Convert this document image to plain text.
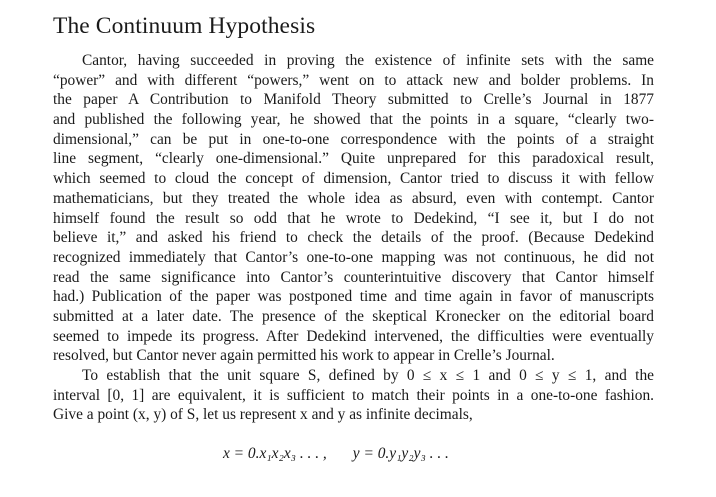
The Continuum Hypothesis
Cantor, having succeeded in proving the existence of infinite sets with the same
“power” and with different “powers,” went on to attack new and bolder problems. In
the paper A Contribution to Manifold Theory submitted to Crelle’s Journal in 1877
and published the following year, he showed that the points in a square, “clearly two-
dimensional,” can be put in one-to-one correspondence with the points of a straight
line segment, “clearly one-dimensional.” Quite unprepared for this paradoxical result,
which seemed to cloud the concept of dimension, Cantor tried to discuss it with fellow
mathematicians, but they treated the whole idea as absurd, even with contempt. Cantor
himself found the result so odd that he wrote to Dedekind, “I see it, but I do not
believe it,” and asked his friend to check the details of the proof. (Because Dedekind
recognized immediately that Cantor’s one-to-one mapping was not continuous, he did not
read the same significance into Cantor’s counterintuitive discovery that Cantor himself
had.) Publication of the paper was postponed time and time again in favor of manuscripts
submitted at a later date. The presence of the skeptical Kronecker on the editorial board
seemed to impede its progress. After Dedekind intervened, the difficulties were eventually
resolved, but Cantor never again permitted his work to appear in Crelle’s Journal.
To establish that the unit square S, defined by 0 ≤ x ≤ 1 and 0 ≤ y ≤ 1, and the
interval [0, 1] are equivalent, it is sufficient to match their points in a one-to-one fashion.
Give a point (x, y) of S, let us represent x and y as infinite decimals,
x = 0.x₁x₂x₃ . . . , y = 0.y₁y₂y₃ . . .
